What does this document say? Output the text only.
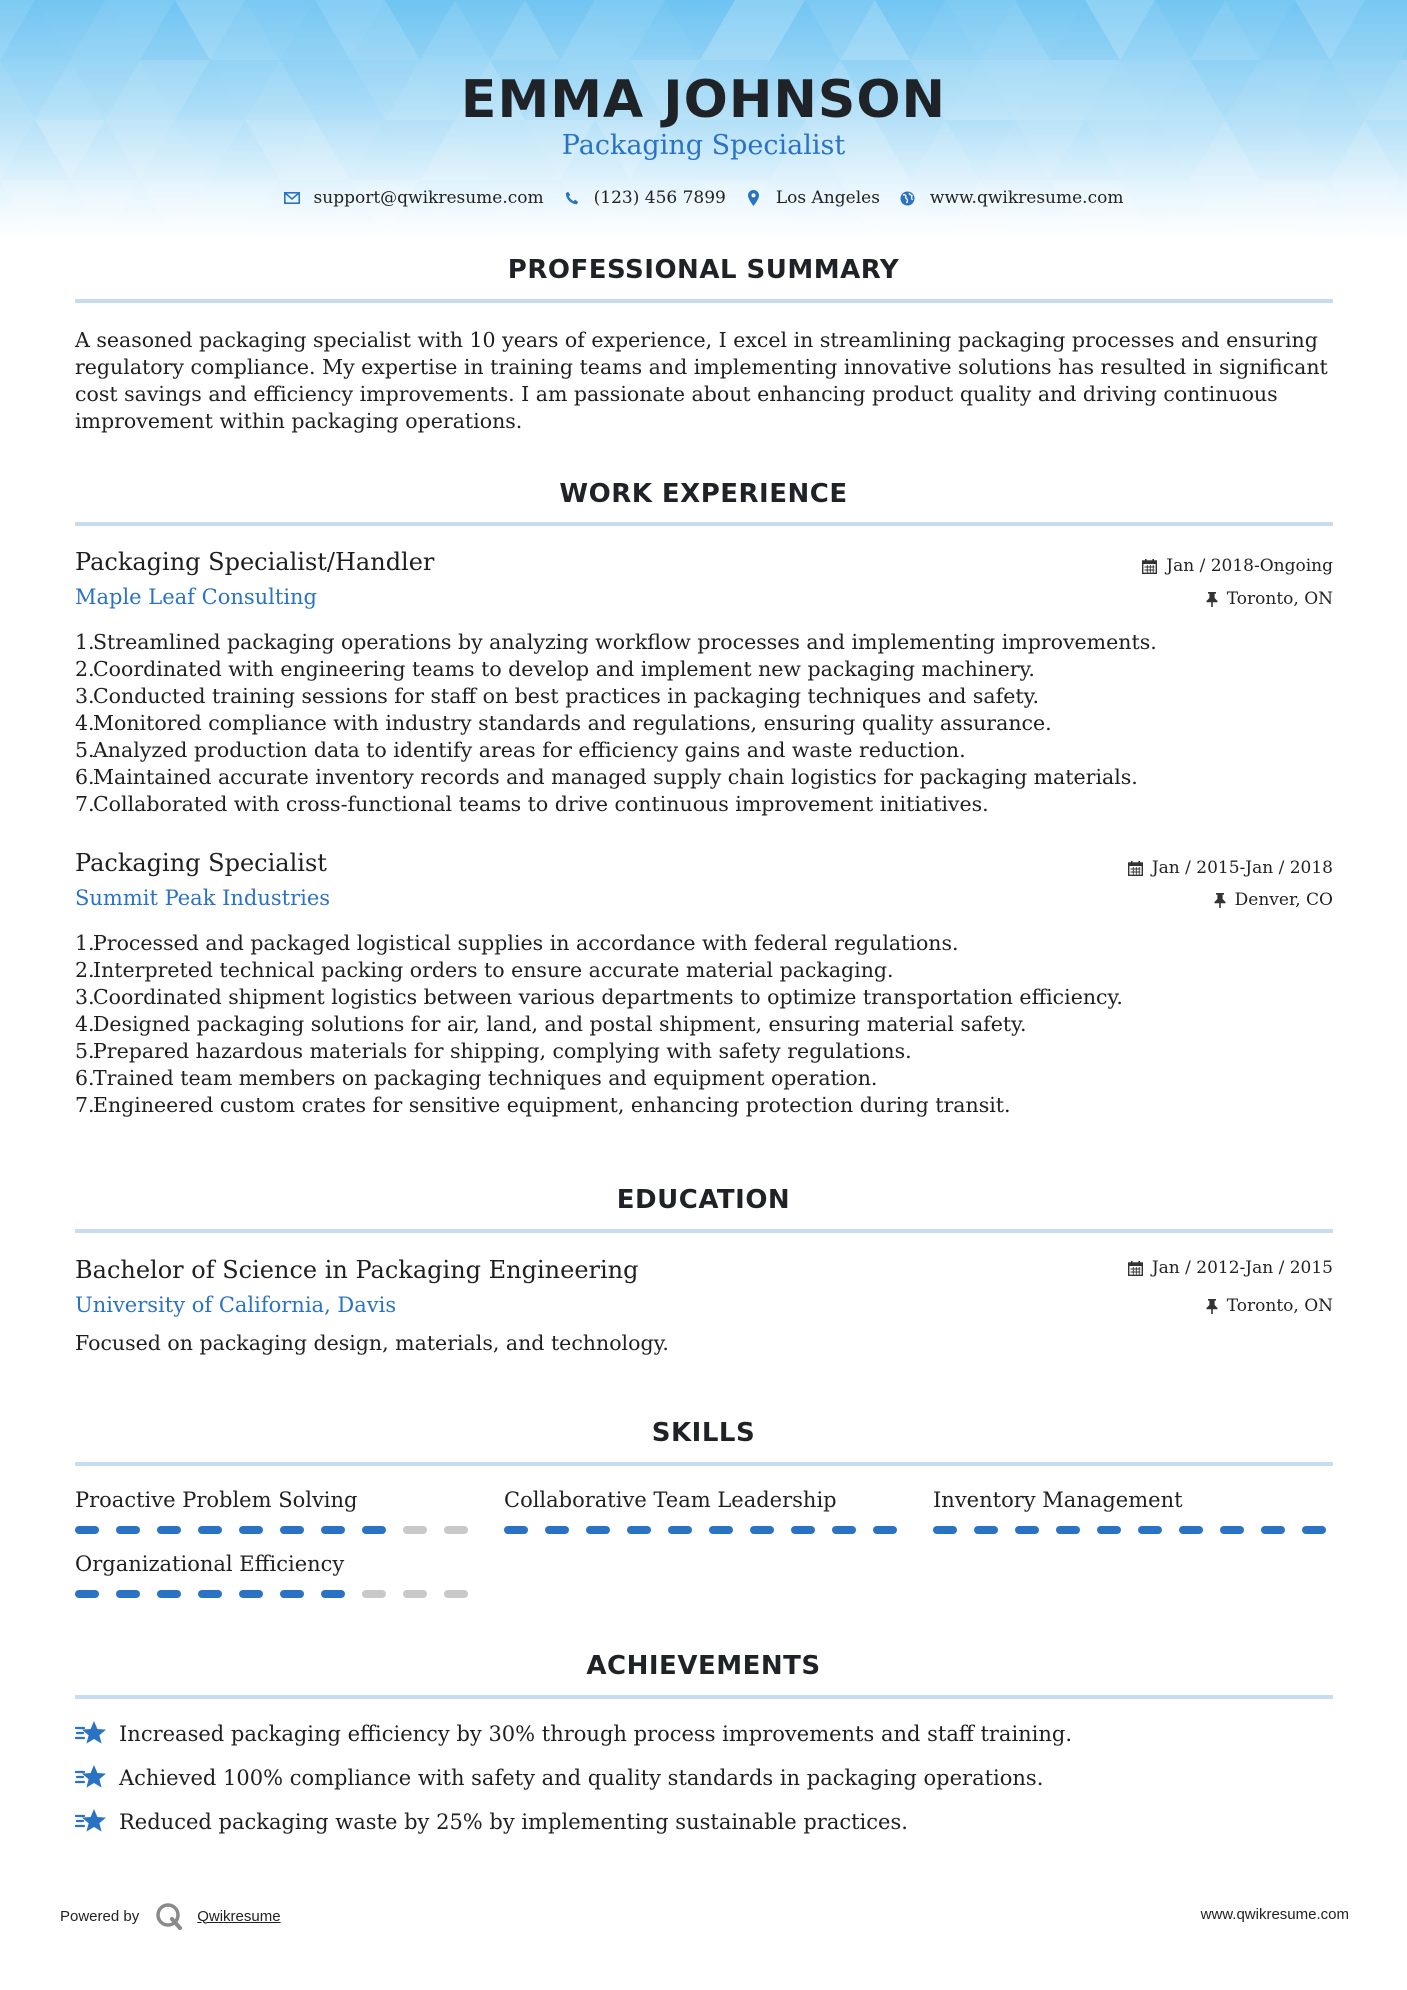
EMMA JOHNSON
Packaging Specialist
support@qwikresume.com	(123) 456 7899	Los Angeles	www.qwikresume.com
PROFESSIONAL SUMMARY
A seasoned packaging specialist with 10 years of experience, I excel in streamlining packaging processes and ensuring regulatory compliance. My expertise in training teams and implementing innovative solutions has resulted in significant cost savings and efficiency improvements. I am passionate about enhancing product quality and driving continuous improvement within packaging operations.
WORK EXPERIENCE
Packaging Specialist/Handler	Jan / 2018-Ongoing
Maple Leaf Consulting	Toronto, ON
1.
Streamlined packaging operations by analyzing workflow processes and implementing improvements.
2.
Coordinated with engineering teams to develop and implement new packaging machinery.
3.
Conducted training sessions for staff on best practices in packaging techniques and safety.
4.
Monitored compliance with industry standards and regulations, ensuring quality assurance.
5.
Analyzed production data to identify areas for efficiency gains and waste reduction.
6.
Maintained accurate inventory records and managed supply chain logistics for packaging materials.
7.
Collaborated with cross-functional teams to drive continuous improvement initiatives.
Packaging Specialist	Jan / 2015-Jan / 2018
Summit Peak Industries	Denver, CO
1.
Processed and packaged logistical supplies in accordance with federal regulations.
2.
Interpreted technical packing orders to ensure accurate material packaging.
3.
Coordinated shipment logistics between various departments to optimize transportation efficiency.
4.
Designed packaging solutions for air, land, and postal shipment, ensuring material safety.
5.
Prepared hazardous materials for shipping, complying with safety regulations.
6.
Trained team members on packaging techniques and equipment operation.
7.
Engineered custom crates for sensitive equipment, enhancing protection during transit.
EDUCATION
Bachelor of Science in Packaging Engineering	Jan / 2012-Jan / 2015
University of California, Davis	Toronto, ON
Focused on packaging design, materials, and technology.
SKILLS
Proactive Problem Solving	Collaborative Team Leadership	Inventory Management
Organizational Efficiency
ACHIEVEMENTS
Increased packaging efficiency by 30% through process improvements and staff training.
Achieved 100% compliance with safety and quality standards in packaging operations.
Reduced packaging waste by 25% by implementing sustainable practices.
Powered by	Qwikresume	www.qwikresume.com
